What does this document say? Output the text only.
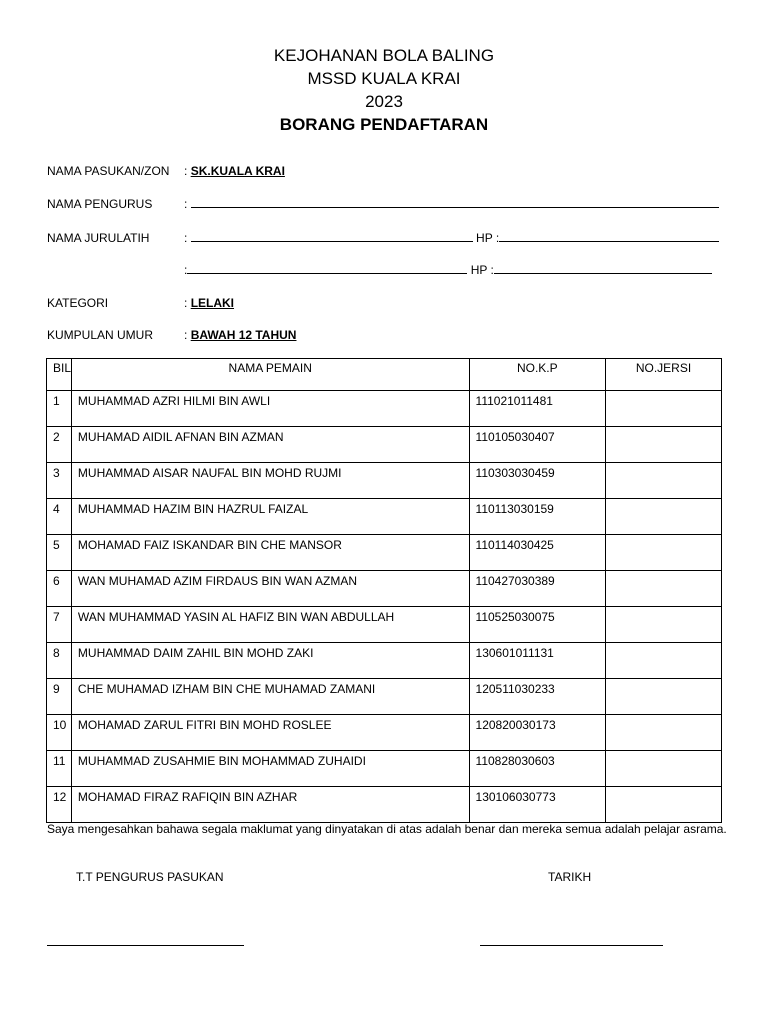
KEJOHANAN BOLA BALING
MSSD KUALA KRAI
2023
BORANG PENDAFTARAN
NAMA PASUKAN/ZON : SK.KUALA KRAI
NAMA PENGURUS	:
NAMA JURULATIH	:	HP :
:	HP :
KATEGORI	: LELAKI
KUMPULAN UMUR	: BAWAH 12 TAHUN
BIL	NAMA PEMAIN	NO.K.P	NO.JERSI
1	MUHAMMAD AZRI HILMI BIN AWLI	111021011481	
2	MUHAMAD AIDIL AFNAN BIN AZMAN	110105030407	
3	MUHAMMAD AISAR NAUFAL BIN MOHD RUJMI	110303030459	
4	MUHAMMAD HAZIM BIN HAZRUL FAIZAL	110113030159	
5	MOHAMAD FAIZ ISKANDAR BIN CHE MANSOR	110114030425	
6	WAN MUHAMAD AZIM FIRDAUS BIN WAN AZMAN	110427030389	
7	WAN MUHAMMAD YASIN AL HAFIZ BIN WAN ABDULLAH	110525030075	
8	MUHAMMAD DAIM ZAHIL BIN MOHD ZAKI	130601011131	
9	CHE MUHAMAD IZHAM BIN CHE MUHAMAD ZAMANI	120511030233	
10	MOHAMAD ZARUL FITRI BIN MOHD ROSLEE	120820030173	
11	MUHAMMAD ZUSAHMIE BIN MOHAMMAD ZUHAIDI	110828030603	
12	MOHAMAD FIRAZ RAFIQIN BIN AZHAR	130106030773	
Saya mengesahkan bahawa segala maklumat yang dinyatakan di atas adalah benar dan mereka semua adalah pelajar asrama.
T.T PENGURUS PASUKAN	TARIKH
